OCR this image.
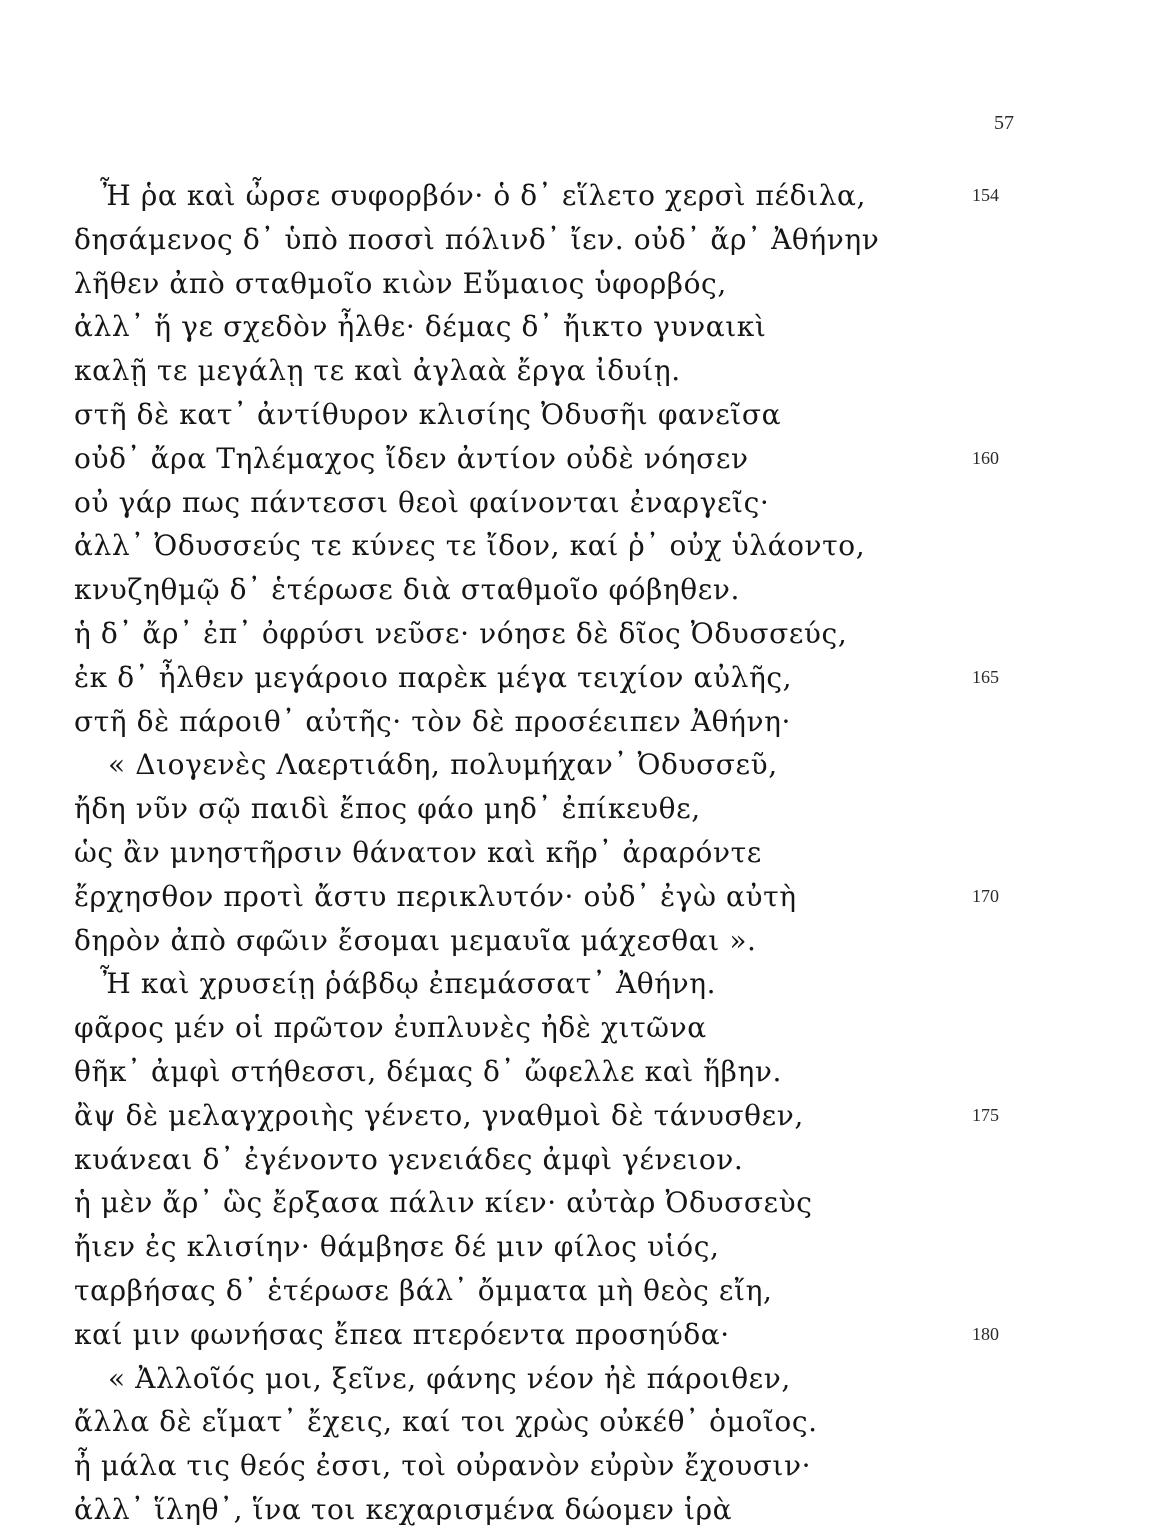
57
Ἦ ῥα καὶ ὦρσε συφορβόν· ὁ δ᾽ εἵλετο χερσὶ πέδιλα,	154
δησάμενος δ᾽ ὑπὸ ποσσὶ πόλινδ᾽ ἴεν. οὐδ᾽ ἄρ᾽ Ἀθήνην
λῆθεν ἀπὸ σταθμοῖο κιὼν Εὔμαιος ὑφορβός,
ἀλλ᾽ ἥ γε σχεδὸν ἦλθε· δέμας δ᾽ ἤικτο γυναικὶ
καλῇ τε μεγάλῃ τε καὶ ἀγλαὰ ἔργα ἰδυίῃ.
στῆ δὲ κατ᾽ ἀντίθυρον κλισίης Ὀδυσῆι φανεῖσα
οὐδ᾽ ἄρα Τηλέμαχος ἴδεν ἀντίον οὐδὲ νόησεν	160
οὐ γάρ πως πάντεσσι θεοὶ φαίνονται ἐναργεῖς·
ἀλλ᾽ Ὀδυσσεύς τε κύνες τε ἴδον, καί ῥ᾽ οὐχ ὑλάοντο,
κνυζηθμῷ δ᾽ ἑτέρωσε διὰ σταθμοῖο φόβηθεν.
ἡ δ᾽ ἄρ᾽ ἐπ᾽ ὀφρύσι νεῦσε· νόησε δὲ δῖος Ὀδυσσεύς,
ἐκ δ᾽ ἦλθεν μεγάροιο παρὲκ μέγα τειχίον αὐλῆς,	165
στῆ δὲ πάροιθ᾽ αὐτῆς· τὸν δὲ προσέειπεν Ἀθήνη·
« Διογενὲς Λαερτιάδη, πολυμήχαν᾽ Ὀδυσσεῦ,
ἤδη νῦν σῷ παιδὶ ἔπος φάο μηδ᾽ ἐπίκευθε,
ὡς ἂν μνηστῆρσιν θάνατον καὶ κῆρ᾽ ἀραρόντε
ἔρχησθον προτὶ ἄστυ περικλυτόν· οὐδ᾽ ἐγὼ αὐτὴ	170
δηρὸν ἀπὸ σφῶιν ἔσομαι μεμαυῖα μάχεσθαι ».
Ἦ καὶ χρυσείῃ ῥάβδῳ ἐπεμάσσατ᾽ Ἀθήνη.
φᾶρος μέν οἱ πρῶτον ἐυπλυνὲς ἠδὲ χιτῶνα
θῆκ᾽ ἀμφὶ στήθεσσι, δέμας δ᾽ ὤφελλε καὶ ἥβην.
ἂψ δὲ μελαγχροιὴς γένετο, γναθμοὶ δὲ τάνυσθεν,	175
κυάνεαι δ᾽ ἐγένοντο γενειάδες ἀμφὶ γένειον.
ἡ μὲν ἄρ᾽ ὣς ἔρξασα πάλιν κίεν· αὐτὰρ Ὀδυσσεὺς
ἤιεν ἐς κλισίην· θάμβησε δέ μιν φίλος υἱός,
ταρβήσας δ᾽ ἑτέρωσε βάλ᾽ ὄμματα μὴ θεὸς εἴη,
καί μιν φωνήσας ἔπεα πτερόεντα προσηύδα·	180
« Ἀλλοῖός μοι, ξεῖνε, φάνης νέον ἠὲ πάροιθεν,
ἄλλα δὲ εἵματ᾽ ἔχεις, καί τοι χρὼς οὐκέθ᾽ ὁμοῖος.
ἦ μάλα τις θεός ἐσσι, τοὶ οὐρανὸν εὐρὺν ἔχουσιν·
ἀλλ᾽ ἵληθ᾽, ἵνα τοι κεχαρισμένα δώομεν ἱρὰ
